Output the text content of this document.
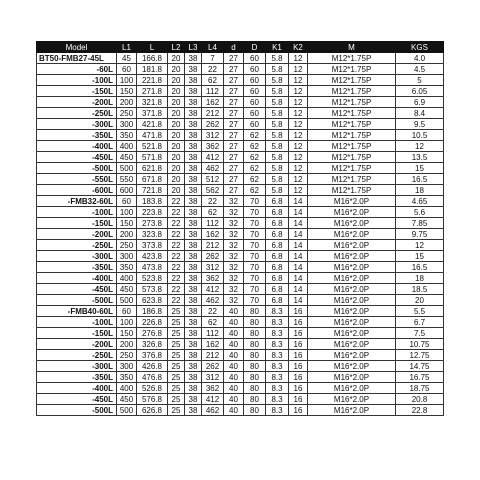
Model	L1	L	L2	L3	L4	d	D	K1	K2	M	KGS
BT50-FMB27-45L	45	166.8	20	38	7	27	60	5.8	12	M12*1.75P	4.0
-60L	60	181.8	20	38	22	27	60	5.8	12	M12*1.75P	4.5
-100L	100	221.8	20	38	62	27	60	5.8	12	M12*1.75P	5
-150L	150	271.8	20	38	112	27	60	5.8	12	M12*1.75P	6.05
-200L	200	321.8	20	38	162	27	60	5.8	12	M12*1.75P	6.9
-250L	250	371.8	20	38	212	27	60	5.8	12	M12*1.75P	8.4
-300L	300	421.8	20	38	262	27	60	5.8	12	M12*1.75P	9.5
-350L	350	471.8	20	38	312	27	62	5.8	12	M12*1.75P	10.5
-400L	400	521.8	20	38	362	27	62	5.8	12	M12*1.75P	12
-450L	450	571.8	20	38	412	27	62	5.8	12	M12*1.75P	13.5
-500L	500	621.8	20	38	462	27	62	5.8	12	M12*1.75P	15
-550L	550	671.8	20	38	512	27	62	5.8	12	M12*1.75P	16.5
-600L	600	721.8	20	38	562	27	62	5.8	12	M12*1.75P	18
-FMB32-60L	60	183.8	22	38	22	32	70	6.8	14	M16*2.0P	4.65
-100L	100	223.8	22	38	62	32	70	6.8	14	M16*2.0P	5.6
-150L	150	273.8	22	38	112	32	70	6.8	14	M16*2.0P	7.85
-200L	200	323.8	22	38	162	32	70	6.8	14	M16*2.0P	9.75
-250L	250	373.8	22	38	212	32	70	6.8	14	M16*2.0P	12
-300L	300	423.8	22	38	262	32	70	6.8	14	M16*2.0P	15
-350L	350	473.8	22	38	312	32	70	6.8	14	M16*2.0P	16.5
-400L	400	523.8	22	38	362	32	70	6.8	14	M16*2.0P	18
-450L	450	573.8	22	38	412	32	70	6.8	14	M16*2.0P	18.5
-500L	500	623.8	22	38	462	32	70	6.8	14	M16*2.0P	20
-FMB40-60L	60	186.8	25	38	22	40	80	8.3	16	M16*2.0P	5.5
-100L	100	226.8	25	38	62	40	80	8.3	16	M16*2.0P	6.7
-150L	150	276.8	25	38	112	40	80	8.3	16	M16*2.0P	7.5
-200L	200	326.8	25	38	162	40	80	8.3	16	M16*2.0P	10.75
-250L	250	376.8	25	38	212	40	80	8.3	16	M16*2.0P	12.75
-300L	300	426.8	25	38	262	40	80	8.3	16	M16*2.0P	14.75
-350L	350	476.8	25	38	312	40	80	8.3	16	M16*2.0P	16.75
-400L	400	526.8	25	38	362	40	80	8.3	16	M16*2.0P	18.75
-450L	450	576.8	25	38	412	40	80	8.3	16	M16*2.0P	20.8
-500L	500	626.8	25	38	462	40	80	8.3	16	M16*2.0P	22.8
